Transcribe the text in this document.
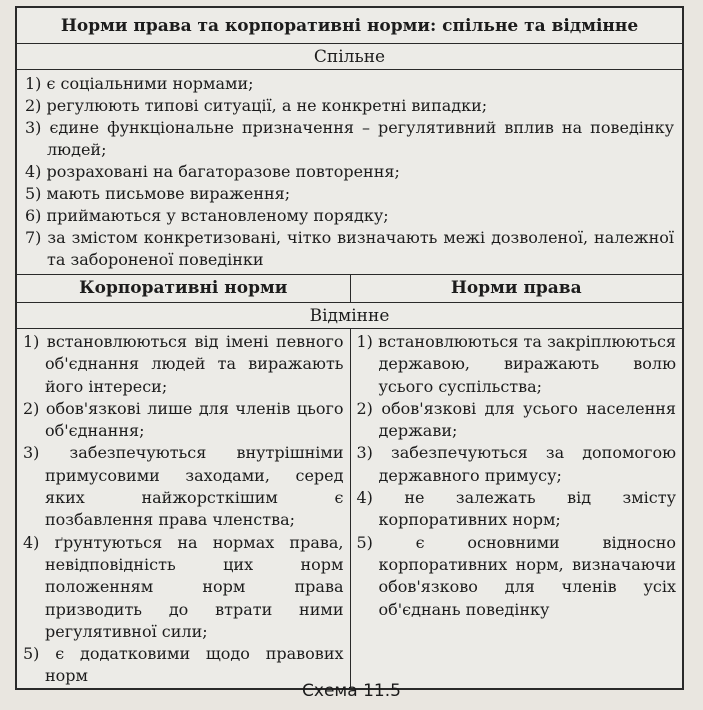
Норми права та корпоративні норми: спільне та відмінне
Спільне
1) є соціальними нормами;
2) регулюють типові ситуації, а не конкретні випадки;
3) єдине функціональне призначення – регулятивний вплив на поведінку людей;
4) розраховані на багаторазове повторення;
5) мають письмове вираження;
6) приймаються у встановленому порядку;
7) за змістом конкретизовані, чітко визначають межі дозволеної, належної та забороненої поведінки
Корпоративні норми	Норми права
Відмінне
1) встановлюються від імені певного об'єднання людей та виражають його інтереси;
2) обов'язкові лише для членів цього об'єднання;
3) забезпечуються внутрішніми примусовими заходами, серед яких найжорсткішим є позбавлення права членства;
4) ґрунтуються на нормах права, невідповідність цих норм положенням норм права призводить до втрати ними регулятивної сили;
5) є додатковими щодо правових норм
1) встановлюються та закріплюються державою, виражають волю усього суспільства;
2) обов'язкові для усього населення держави;
3) забезпечуються за допомогою державного примусу;
4) не залежать від змісту корпоративних норм;
5) є основними відносно корпоративних норм, визначаючи обов'язково для членів усіх об'єднань поведінку
Схема 11.5
